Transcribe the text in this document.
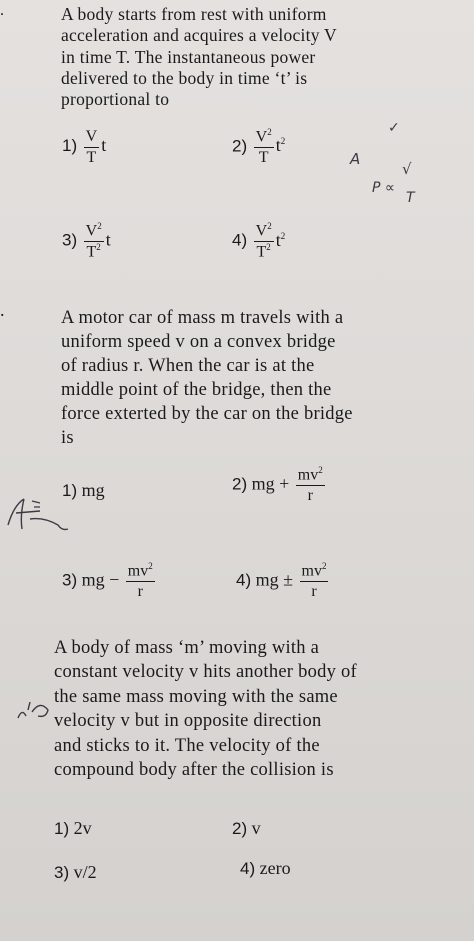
.
.
A body starts from rest with uniform
acceleration and acquires a velocity V
in time T. The instantaneous power
delivered to the body in time ‘t’ is
proportional to
$1) \frac{V}{T}$ t	$2) \frac{V^2}{T} t^2$
$3) \frac{V^2}{T^2}$ t	$4) \frac{V^2}{T^2} t^2$
✓
A
P ∝
√
T
A motor car of mass m travels with a
uniform speed v on a convex bridge
of radius r. When the car is at the
middle point of the bridge, then the
force exterted by the car on the bridge
is
1) mg	2) mg + $\frac{mv^2}{r}$
3) mg − $\frac{mv^2}{r}$	4) mg ± $\frac{mv^2}{r}$
A body of mass ‘m’ moving with a
constant velocity v hits another body of
the same mass moving with the same
velocity v but in opposite direction
and sticks to it. The velocity of the
compound body after the collision is
1) 2v	2) v
3) v/2	4) zero
